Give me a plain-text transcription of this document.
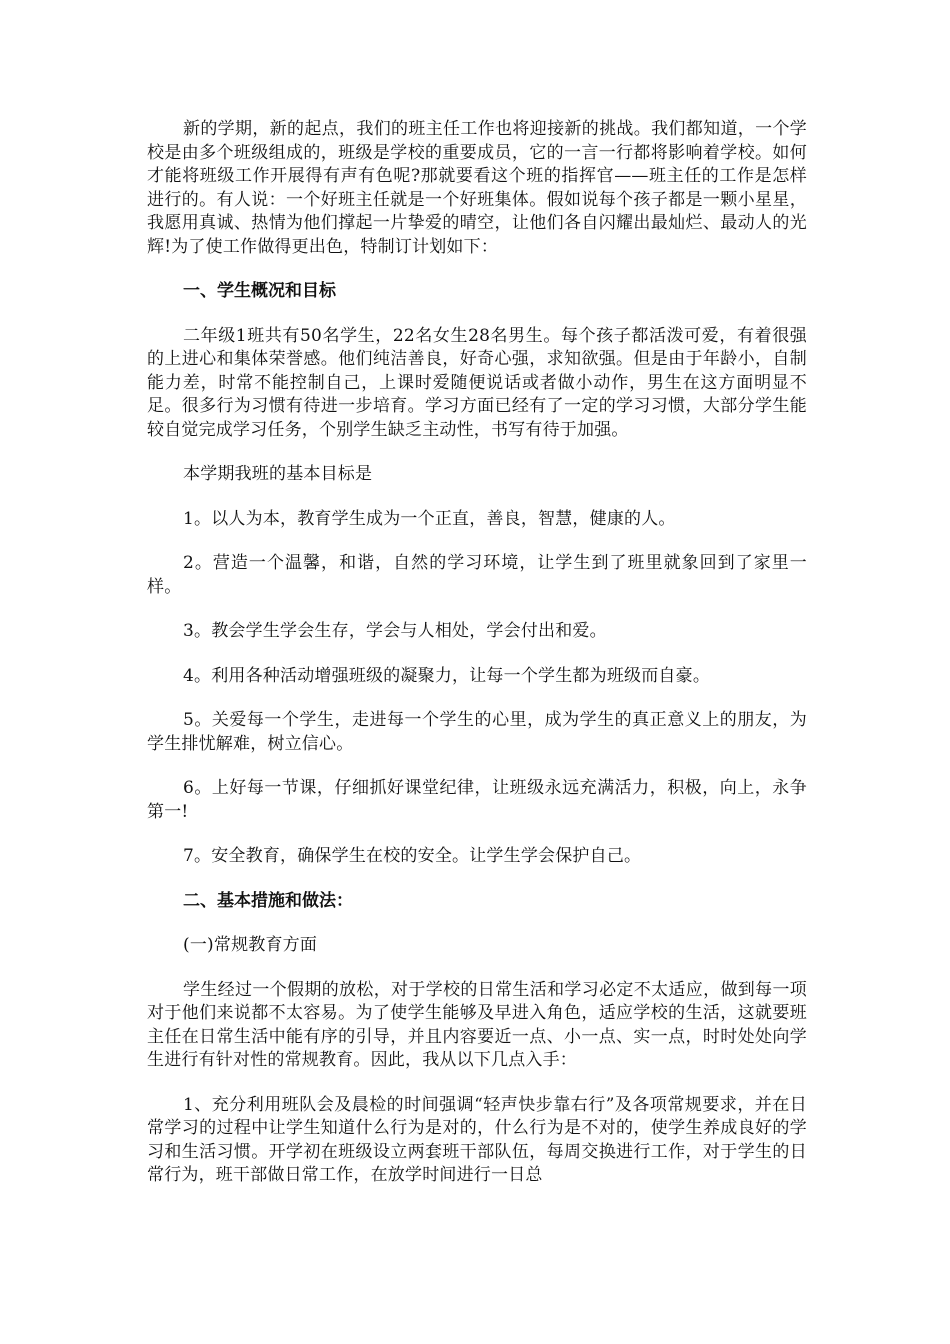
新的学期，新的起点，我们的班主任工作也将迎接新的挑战。我们都知道，一个学校是由多个班级组成的，班级是学校的重要成员，它的一言一行都将影响着学校。如何才能将班级工作开展得有声有色呢?那就要看这个班的指挥官——班主任的工作是怎样进行的。有人说：一个好班主任就是一个好班集体。假如说每个孩子都是一颗小星星，我愿用真诚、热情为他们撑起一片挚爱的晴空，让他们各自闪耀出最灿烂、最动人的光辉!为了使工作做得更出色，特制订计划如下：

一、学生概况和目标

二年级1班共有50名学生，22名女生28名男生。每个孩子都活泼可爱，有着很强的上进心和集体荣誉感。他们纯洁善良，好奇心强，求知欲强。但是由于年龄小，自制能力差，时常不能控制自己，上课时爱随便说话或者做小动作，男生在这方面明显不足。很多行为习惯有待进一步培育。学习方面已经有了一定的学习习惯，大部分学生能较自觉完成学习任务，个别学生缺乏主动性，书写有待于加强。

本学期我班的基本目标是

1。以人为本，教育学生成为一个正直，善良，智慧，健康的人。

2。营造一个温馨，和谐，自然的学习环境，让学生到了班里就象回到了家里一样。

3。教会学生学会生存，学会与人相处，学会付出和爱。

4。利用各种活动增强班级的凝聚力，让每一个学生都为班级而自豪。

5。关爱每一个学生，走进每一个学生的心里，成为学生的真正意义上的朋友，为学生排忧解难，树立信心。

6。上好每一节课，仔细抓好课堂纪律，让班级永远充满活力，积极，向上，永争第一!

7。安全教育，确保学生在校的安全。让学生学会保护自己。

二、基本措施和做法：

(一)常规教育方面

学生经过一个假期的放松，对于学校的日常生活和学习必定不太适应，做到每一项对于他们来说都不太容易。为了使学生能够及早进入角色，适应学校的生活，这就要班主任在日常生活中能有序的引导，并且内容要近一点、小一点、实一点，时时处处向学生进行有针对性的常规教育。因此，我从以下几点入手：

1、充分利用班队会及晨检的时间强调“轻声快步靠右行”及各项常规要求，并在日常学习的过程中让学生知道什么行为是对的，什么行为是不对的，使学生养成良好的学习和生活习惯。开学初在班级设立两套班干部队伍，每周交换进行工作，对于学生的日常行为，班干部做日常工作，在放学时间进行一日总
